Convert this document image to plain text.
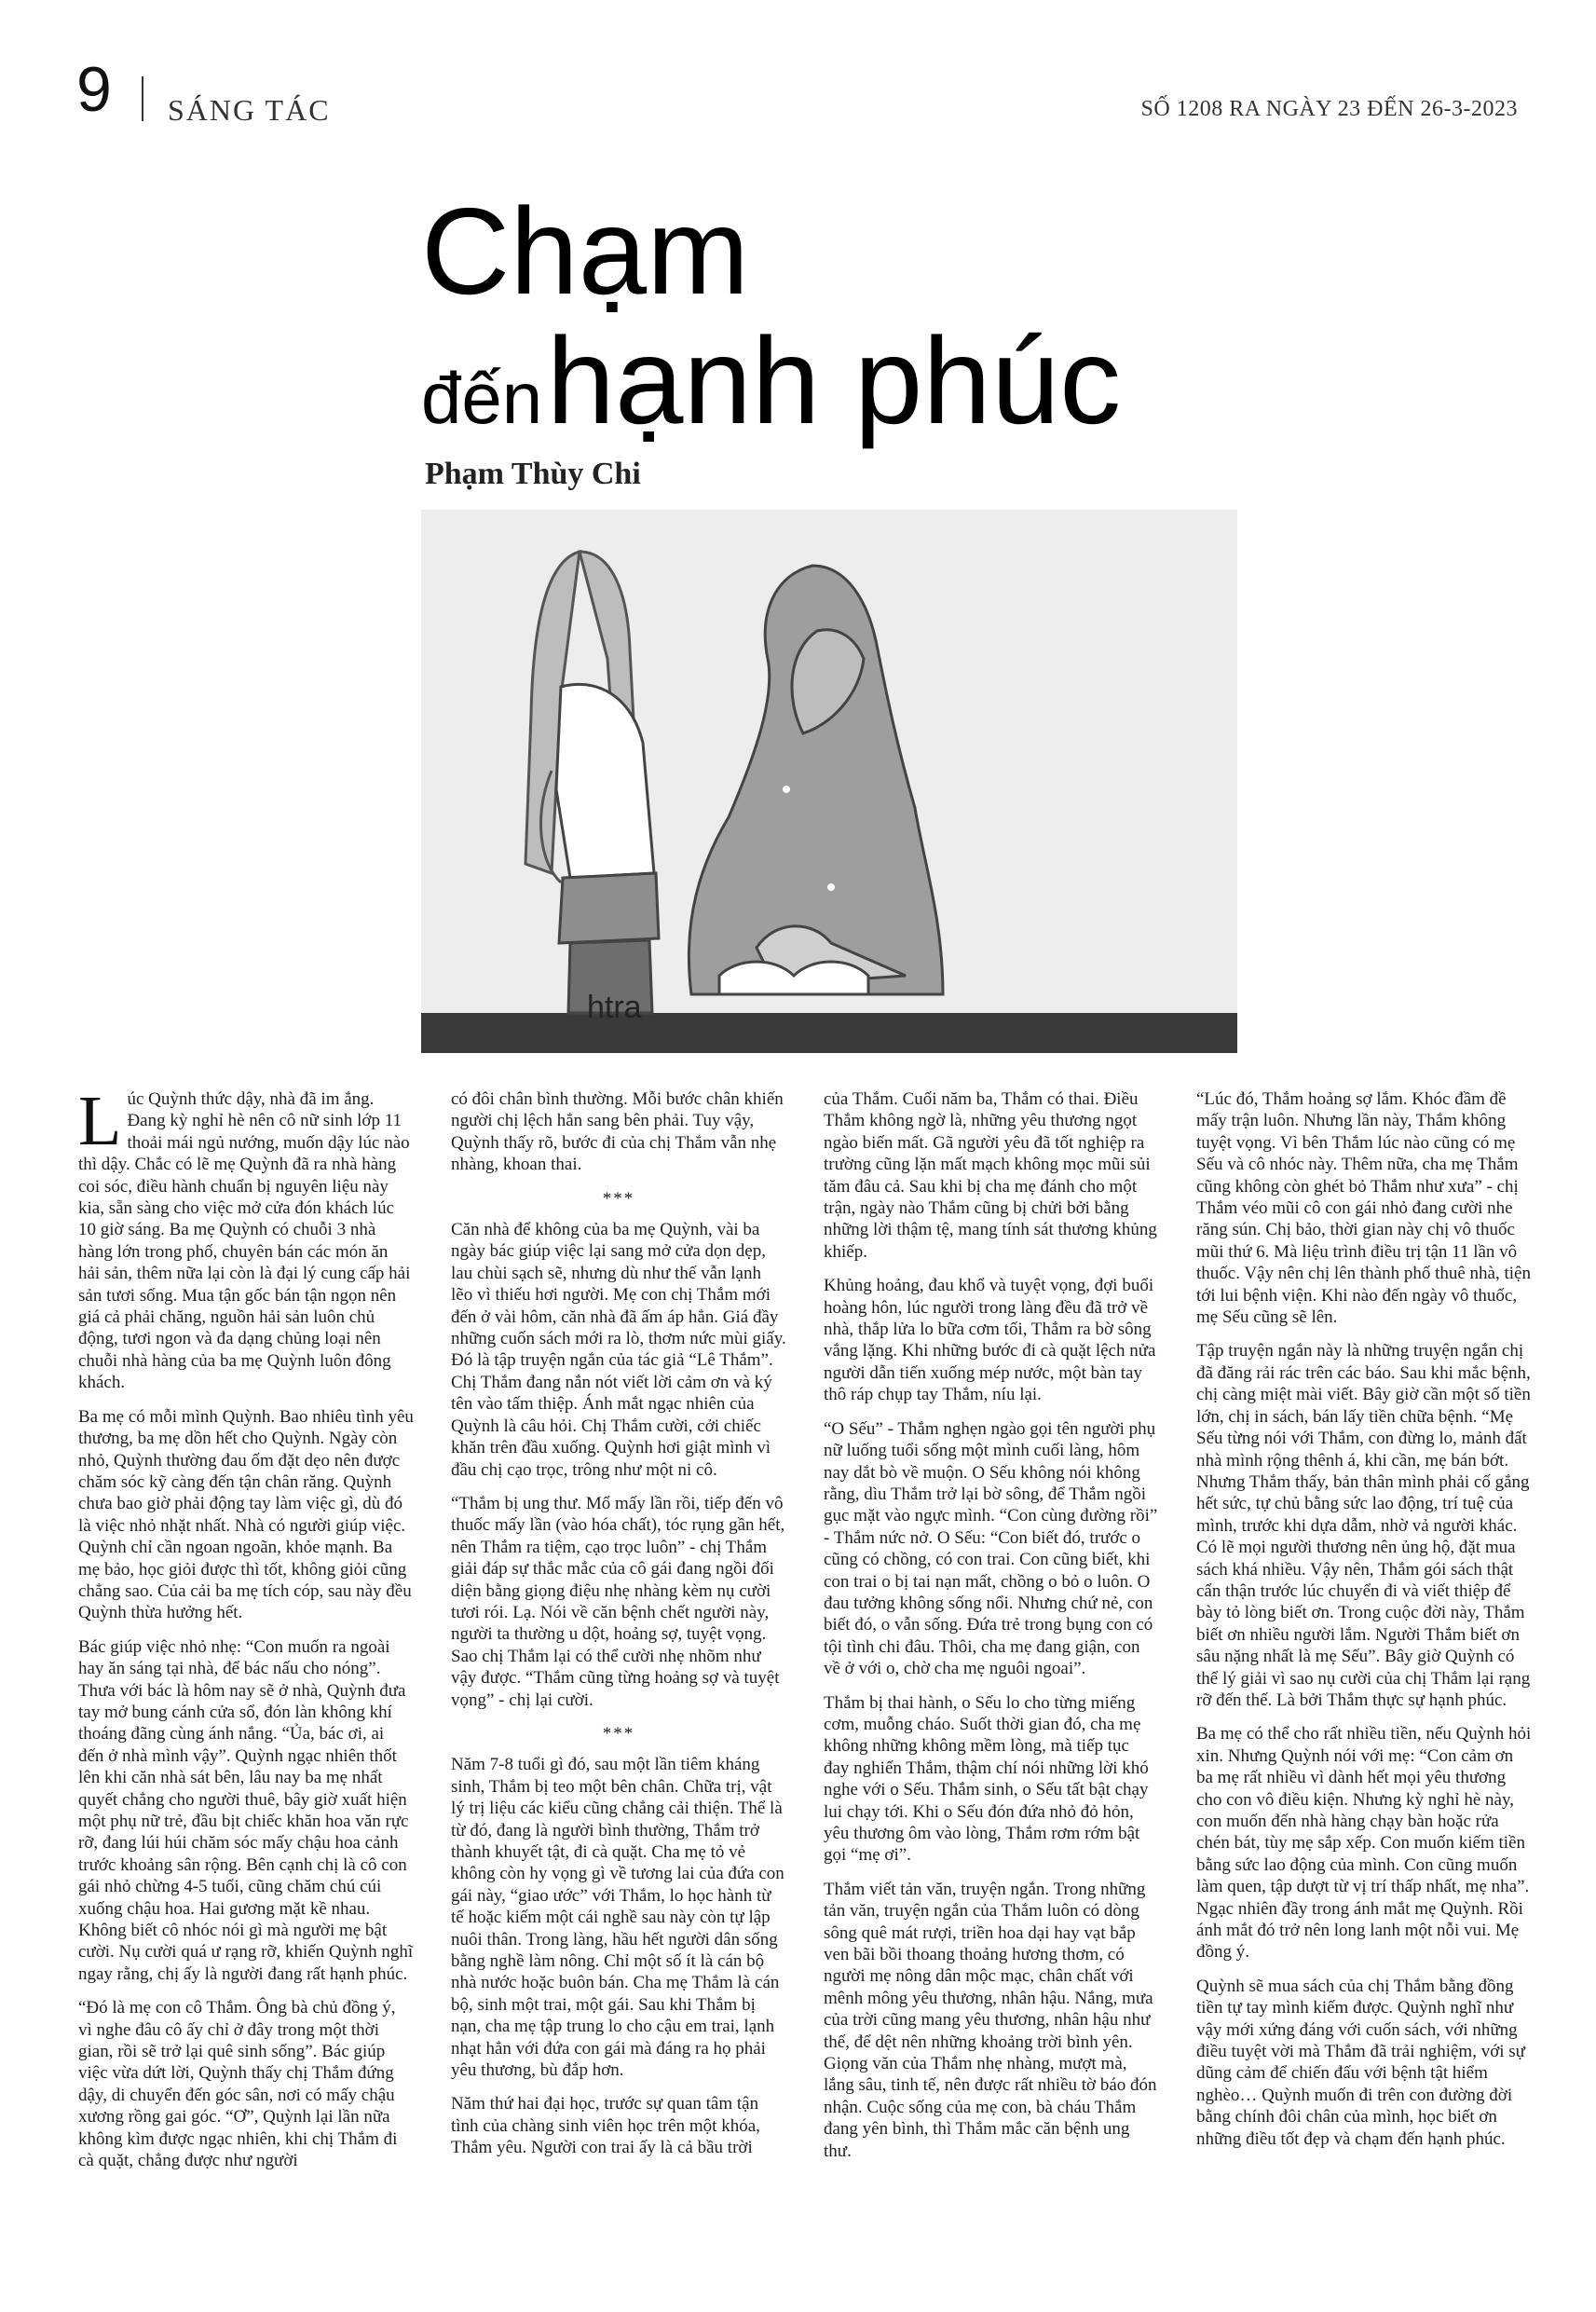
9 SÁNG TÁC	SỐ 1208 RA NGÀY 23 ĐẾN 26-3-2023
Chạm
đến hạnh phúc
Phạm Thùy Chi
htra

Lúc Quỳnh thức dậy, nhà đã im ắng. Đang kỳ nghỉ hè nên cô nữ sinh lớp 11 thoải mái ngủ nướng, muốn dậy lúc nào thì dậy. Chắc có lẽ mẹ Quỳnh đã ra nhà hàng coi sóc, điều hành chuẩn bị nguyên liệu này kia, sẵn sàng cho việc mở cửa đón khách lúc 10 giờ sáng. Ba mẹ Quỳnh có chuỗi 3 nhà hàng lớn trong phố, chuyên bán các món ăn hải sản, thêm nữa lại còn là đại lý cung cấp hải sản tươi sống. Mua tận gốc bán tận ngọn nên giá cả phải chăng, nguồn hải sản luôn chủ động, tươi ngon và đa dạng chủng loại nên chuỗi nhà hàng của ba mẹ Quỳnh luôn đông khách.

Ba mẹ có mỗi mình Quỳnh. Bao nhiêu tình yêu thương, ba mẹ dồn hết cho Quỳnh. Ngày còn nhỏ, Quỳnh thường đau ốm đặt dẹo nên được chăm sóc kỹ càng đến tận chân răng. Quỳnh chưa bao giờ phải động tay làm việc gì, dù đó là việc nhỏ nhặt nhất. Nhà có người giúp việc. Quỳnh chỉ cần ngoan ngoãn, khỏe mạnh. Ba mẹ bảo, học giỏi được thì tốt, không giỏi cũng chẳng sao. Của cải ba mẹ tích cóp, sau này đều Quỳnh thừa hưởng hết.

Bác giúp việc nhỏ nhẹ: “Con muốn ra ngoài hay ăn sáng tại nhà, để bác nấu cho nóng”. Thưa với bác là hôm nay sẽ ở nhà, Quỳnh đưa tay mở bung cánh cửa sổ, đón làn không khí thoáng đãng cùng ánh nắng. “Ủa, bác ơi, ai đến ở nhà mình vậy”. Quỳnh ngạc nhiên thốt lên khi căn nhà sát bên, lâu nay ba mẹ nhất quyết chẳng cho người thuê, bây giờ xuất hiện một phụ nữ trẻ, đầu bịt chiếc khăn hoa văn rực rỡ, đang lúi húi chăm sóc mấy chậu hoa cảnh trước khoảng sân rộng. Bên cạnh chị là cô con gái nhỏ chừng 4-5 tuổi, cũng chăm chú cúi xuống chậu hoa. Hai gương mặt kề nhau. Không biết cô nhóc nói gì mà người mẹ bật cười. Nụ cười quá ư rạng rỡ, khiến Quỳnh nghĩ ngay rằng, chị ấy là người đang rất hạnh phúc.

“Đó là mẹ con cô Thắm. Ông bà chủ đồng ý, vì nghe đâu cô ấy chỉ ở đây trong một thời gian, rồi sẽ trở lại quê sinh sống”. Bác giúp việc vừa dứt lời, Quỳnh thấy chị Thắm đứng dậy, di chuyển đến góc sân, nơi có mấy chậu xương rồng gai góc. “Ơ”, Quỳnh lại lần nữa không kìm được ngạc nhiên, khi chị Thắm đi cà quặt, chẳng được như người

có đôi chân bình thường. Mỗi bước chân khiến người chị lệch hẳn sang bên phải. Tuy vậy, Quỳnh thấy rõ, bước đi của chị Thắm vẫn nhẹ nhàng, khoan thai.

***

Căn nhà để không của ba mẹ Quỳnh, vài ba ngày bác giúp việc lại sang mở cửa dọn dẹp, lau chùi sạch sẽ, nhưng dù như thế vẫn lạnh lẽo vì thiếu hơi người. Mẹ con chị Thắm mới đến ở vài hôm, căn nhà đã ấm áp hẳn. Giá đầy những cuốn sách mới ra lò, thơm nức mùi giấy. Đó là tập truyện ngắn của tác giả “Lê Thắm”. Chị Thắm đang nắn nót viết lời cảm ơn và ký tên vào tấm thiệp. Ánh mắt ngạc nhiên của Quỳnh là câu hỏi. Chị Thắm cười, cởi chiếc khăn trên đầu xuống. Quỳnh hơi giật mình vì đầu chị cạo trọc, trông như một ni cô.

“Thắm bị ung thư. Mổ mấy lần rồi, tiếp đến vô thuốc mấy lần (vào hóa chất), tóc rụng gần hết, nên Thắm ra tiệm, cạo trọc luôn” - chị Thắm giải đáp sự thắc mắc của cô gái đang ngồi đối diện bằng giọng điệu nhẹ nhàng kèm nụ cười tươi rói. Lạ. Nói về căn bệnh chết người này, người ta thường u dột, hoảng sợ, tuyệt vọng. Sao chị Thắm lại có thể cười nhẹ nhõm như vậy được. “Thắm cũng từng hoảng sợ và tuyệt vọng” - chị lại cười.

***

Năm 7-8 tuổi gì đó, sau một lần tiêm kháng sinh, Thắm bị teo một bên chân. Chữa trị, vật lý trị liệu các kiểu cũng chẳng cải thiện. Thể là từ đó, đang là người bình thường, Thắm trở thành khuyết tật, đi cà quặt. Cha mẹ tỏ vẻ không còn hy vọng gì về tương lai của đứa con gái này, “giao ước” với Thắm, lo học hành từ tế hoặc kiếm một cái nghề sau này còn tự lập nuôi thân. Trong làng, hầu hết người dân sống bằng nghề làm nông. Chỉ một số ít là cán bộ nhà nước hoặc buôn bán. Cha mẹ Thắm là cán bộ, sinh một trai, một gái. Sau khi Thắm bị nạn, cha mẹ tập trung lo cho cậu em trai, lạnh nhạt hẳn với đứa con gái mà đáng ra họ phải yêu thương, bù đắp hơn.

Năm thứ hai đại học, trước sự quan tâm tận tình của chàng sinh viên học trên một khóa, Thắm yêu. Người con trai ấy là cả bầu trời

của Thắm. Cuối năm ba, Thắm có thai. Điều Thắm không ngờ là, những yêu thương ngọt ngào biến mất. Gã người yêu đã tốt nghiệp ra trường cũng lặn mất mạch không mọc mũi sủi tăm đâu cả. Sau khi bị cha mẹ đánh cho một trận, ngày nào Thắm cũng bị chửi bởi bằng những lời thậm tệ, mang tính sát thương khủng khiếp.

Khủng hoảng, đau khổ và tuyệt vọng, đợi buổi hoàng hôn, lúc người trong làng đều đã trở về nhà, thắp lửa lo bữa cơm tối, Thắm ra bờ sông vắng lặng. Khi những bước đi cà quặt lệch nửa người dẫn tiến xuống mép nước, một bàn tay thô ráp chụp tay Thắm, níu lại.

“O Sếu” - Thắm nghẹn ngào gọi tên người phụ nữ luống tuổi sống một mình cuối làng, hôm nay dắt bò về muộn. O Sếu không nói không rằng, dìu Thắm trở lại bờ sông, để Thắm ngồi gục mặt vào ngực mình. “Con cùng đường rồi” - Thắm nức nở. O Sếu: “Con biết đó, trước o cũng có chồng, có con trai. Con cũng biết, khi con trai o bị tai nạn mất, chồng o bỏ o luôn. O đau tưởng không sống nổi. Nhưng chứ nẻ, con biết đó, o vẫn sống. Đứa trẻ trong bụng con có tội tình chi đâu. Thôi, cha mẹ đang giận, con về ở với o, chờ cha mẹ nguôi ngoai”.

Thắm bị thai hành, o Sếu lo cho từng miếng cơm, muỗng cháo. Suốt thời gian đó, cha mẹ không những không mềm lòng, mà tiếp tục đay nghiến Thắm, thậm chí nói những lời khó nghe với o Sếu. Thắm sinh, o Sếu tất bật chạy lui chạy tới. Khi o Sếu đón đứa nhỏ đỏ hỏn, yêu thương ôm vào lòng, Thắm rơm rớm bật gọi “mẹ ơi”.

Thắm viết tản văn, truyện ngắn. Trong những tản văn, truyện ngắn của Thắm luôn có dòng sông quê mát rượi, triền hoa dại hay vạt bắp ven bãi bồi thoang thoảng hương thơm, có người mẹ nông dân mộc mạc, chân chất với mênh mông yêu thương, nhân hậu. Nắng, mưa của trời cũng mang yêu thương, nhân hậu như thế, để dệt nên những khoảng trời bình yên. Giọng văn của Thắm nhẹ nhàng, mượt mà, lắng sâu, tinh tế, nên được rất nhiều tờ báo đón nhận. Cuộc sống của mẹ con, bà cháu Thắm đang yên bình, thì Thắm mắc căn bệnh ung thư.

“Lúc đó, Thắm hoảng sợ lắm. Khóc đầm đề mấy trận luôn. Nhưng lần này, Thắm không tuyệt vọng. Vì bên Thắm lúc nào cũng có mẹ Sếu và cô nhóc này. Thêm nữa, cha mẹ Thắm cũng không còn ghét bỏ Thắm như xưa” - chị Thắm véo mũi cô con gái nhỏ đang cười nhe răng sún. Chị bảo, thời gian này chị vô thuốc mũi thứ 6. Mà liệu trình điều trị tận 11 lần vô thuốc. Vậy nên chị lên thành phố thuê nhà, tiện tới lui bệnh viện. Khi nào đến ngày vô thuốc, mẹ Sếu cũng sẽ lên.

Tập truyện ngắn này là những truyện ngắn chị đã đăng rải rác trên các báo. Sau khi mắc bệnh, chị càng miệt mài viết. Bây giờ cần một số tiền lớn, chị in sách, bán lấy tiền chữa bệnh. “Mẹ Sếu từng nói với Thắm, con đừng lo, mảnh đất nhà mình rộng thênh á, khi cần, mẹ bán bớt. Nhưng Thắm thấy, bản thân mình phải cố gắng hết sức, tự chủ bằng sức lao động, trí tuệ của mình, trước khi dựa dẫm, nhờ vả người khác. Có lẽ mọi người thương nên ủng hộ, đặt mua sách khá nhiều. Vậy nên, Thắm gói sách thật cẩn thận trước lúc chuyển đi và viết thiệp để bày tỏ lòng biết ơn. Trong cuộc đời này, Thắm biết ơn nhiều người lắm. Người Thắm biết ơn sâu nặng nhất là mẹ Sếu”. Bây giờ Quỳnh có thể lý giải vì sao nụ cười của chị Thắm lại rạng rỡ đến thế. Là bởi Thắm thực sự hạnh phúc.

Ba mẹ có thể cho rất nhiều tiền, nếu Quỳnh hỏi xin. Nhưng Quỳnh nói với mẹ: “Con cảm ơn ba mẹ rất nhiều vì dành hết mọi yêu thương cho con vô điều kiện. Nhưng kỳ nghỉ hè này, con muốn đến nhà hàng chạy bàn hoặc rửa chén bát, tùy mẹ sắp xếp. Con muốn kiếm tiền bằng sức lao động của mình. Con cũng muốn làm quen, tập dượt từ vị trí thấp nhất, mẹ nha”. Ngạc nhiên đầy trong ánh mắt mẹ Quỳnh. Rồi ánh mắt đó trở nên long lanh một nỗi vui. Mẹ đồng ý.

Quỳnh sẽ mua sách của chị Thắm bằng đồng tiền tự tay mình kiếm được. Quỳnh nghĩ như vậy mới xứng đáng với cuốn sách, với những điều tuyệt vời mà Thắm đã trải nghiệm, với sự dũng cảm để chiến đấu với bệnh tật hiểm nghèo… Quỳnh muốn đi trên con đường đời bằng chính đôi chân của mình, học biết ơn những điều tốt đẹp và chạm đến hạnh phúc.
